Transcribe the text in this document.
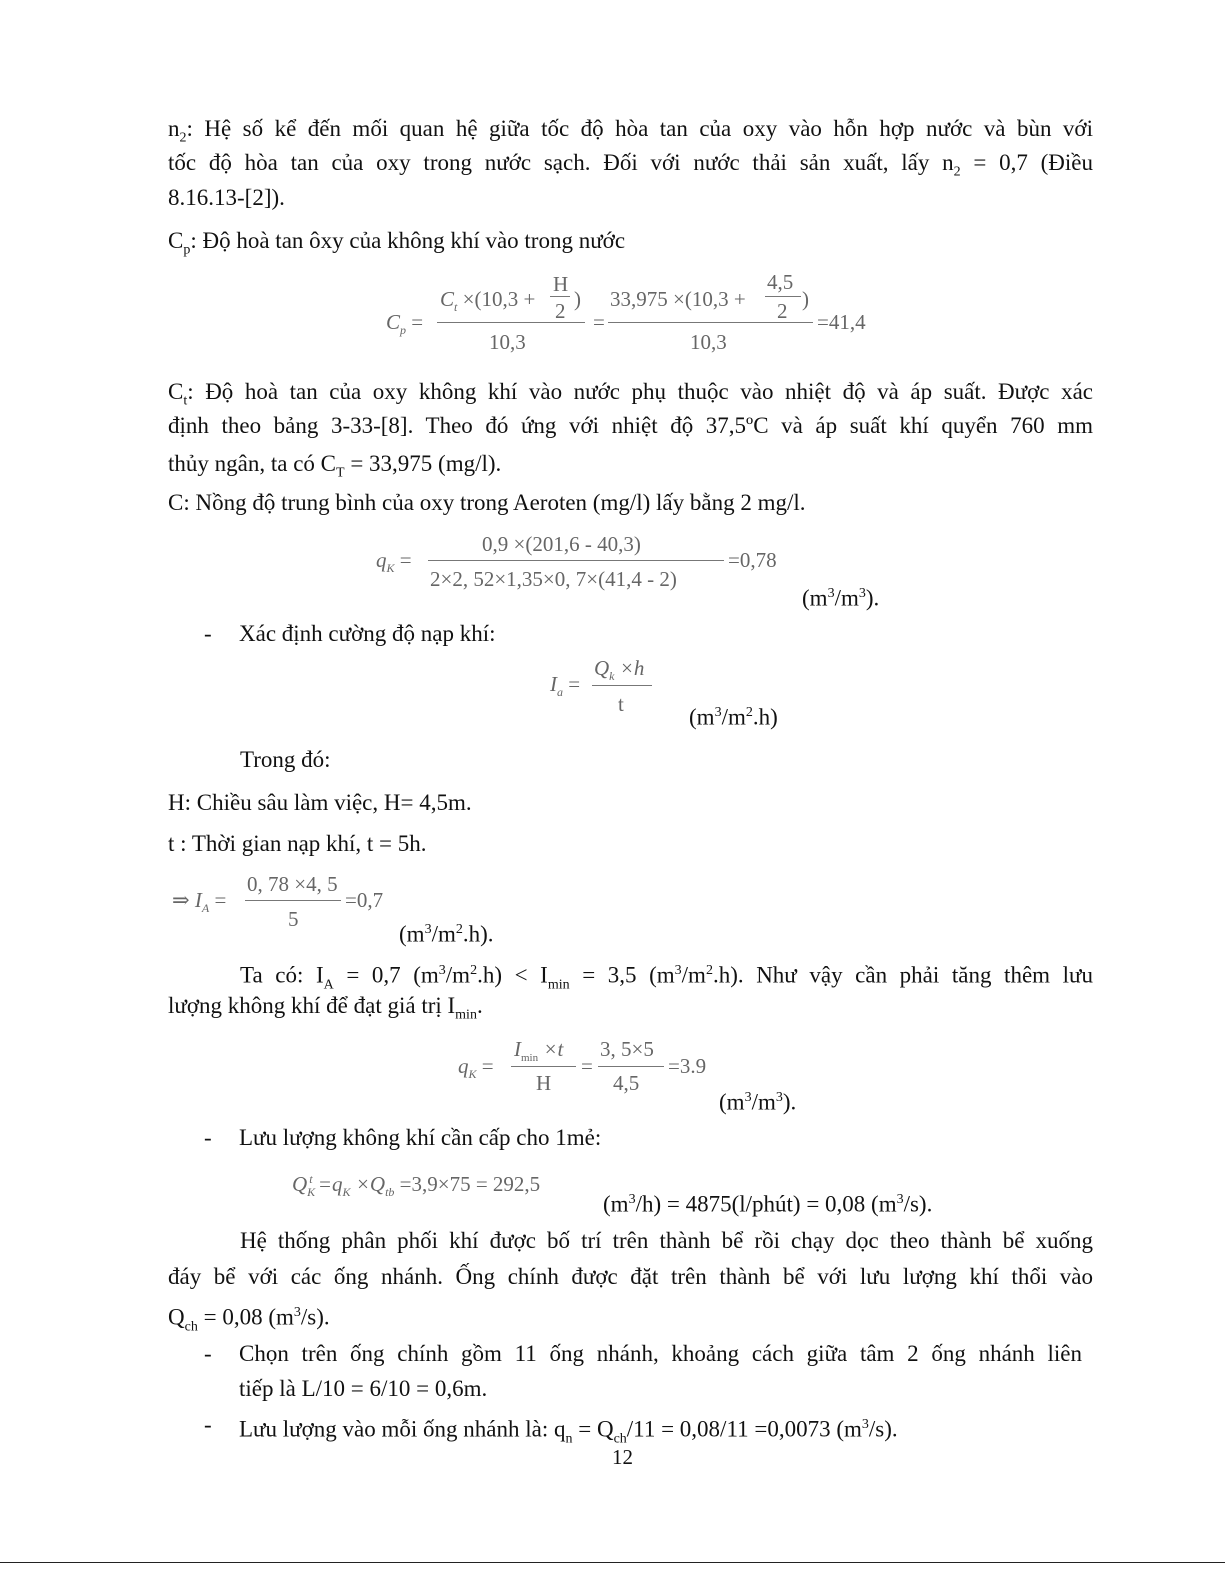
$n_2$: Hệ số kể đến mối quan hệ giữa tốc độ hòa tan của oxy vào hỗn hợp nước và bùn với
tốc độ hòa tan của oxy trong nước sạch. Đối với nước thải sản xuất, lấy $n_2 = 0,7$ (Điều
8.16.13-[2]).
$C_p$: Độ hoà tan ôxy của không khí vào trong nước
$C_p$ =
$C_t \times(10,3$ +
H
2 )
10,3
=
33,975 ×(10,3 +
4,5
2 )
10,3
=41,4
$C_t$: Độ hoà tan của oxy không khí vào nước phụ thuộc vào nhiệt độ và áp suất. Được xác
định theo bảng 3-33-[8]. Theo đó ứng với nhiệt độ 37,5ºC và áp suất khí quyển 760 mm
thủy ngân, ta có $C_T = 33,975$ (mg/l).
C: Nồng độ trung bình của oxy trong Aeroten (mg/l) lấy bằng 2 mg/l.
$q_K$ =
0,9 ×(201,6 - 40,3)
2×2, 52×1,35×0, 7×(41,4 - 2)
=0,78
$(m^3/m^3)$.
- Xác định cường độ nạp khí:
$I_a$ =
$Q_k \times h$
t
$(m^3/m^2.h)$
Trong đó:
H: Chiều sâu làm việc, H= 4,5m.
t : Thời gian nạp khí, t = 5h.
⇒ $I_A$ =
0, 78 ×4, 5
5
=0,7
$(m^3/m^2.h)$.
Ta có: $I_A = 0,7$ $(m^3/m^2.h) < I_{min} = 3,5$ $(m^3/m^2.h)$. Như vậy cần phải tăng thêm lưu
lượng không khí để đạt giá trị $I_{min}$.
$q_K$ =
$I_{min} \times t$
H
=
3, 5×5
4,5
=3.9
$(m^3/m^3)$.
- Lưu lượng không khí cần cấp cho 1mẻ:
$Q_K^t =q_K \times Q_{tb} =3,9\times 75 = 292,5$
$(m^3/h)$ = 4875(l/phút) = 0,08 $(m^3/s)$.
Hệ thống phân phối khí được bố trí trên thành bể rồi chạy dọc theo thành bể xuống
đáy bể với các ống nhánh. Ống chính được đặt trên thành bể với lưu lượng khí thổi vào
$Q_{ch} = 0,08$ $(m^3/s)$.
- Chọn trên ống chính gồm 11 ống nhánh, khoảng cách giữa tâm 2 ống nhánh liên
tiếp là L/10 = 6/10 = 0,6m.
- Lưu lượng vào mỗi ống nhánh là: $q_n = Q_{ch}/11 = 0,08/11 =0,0073$ $(m^3/s)$.
12
